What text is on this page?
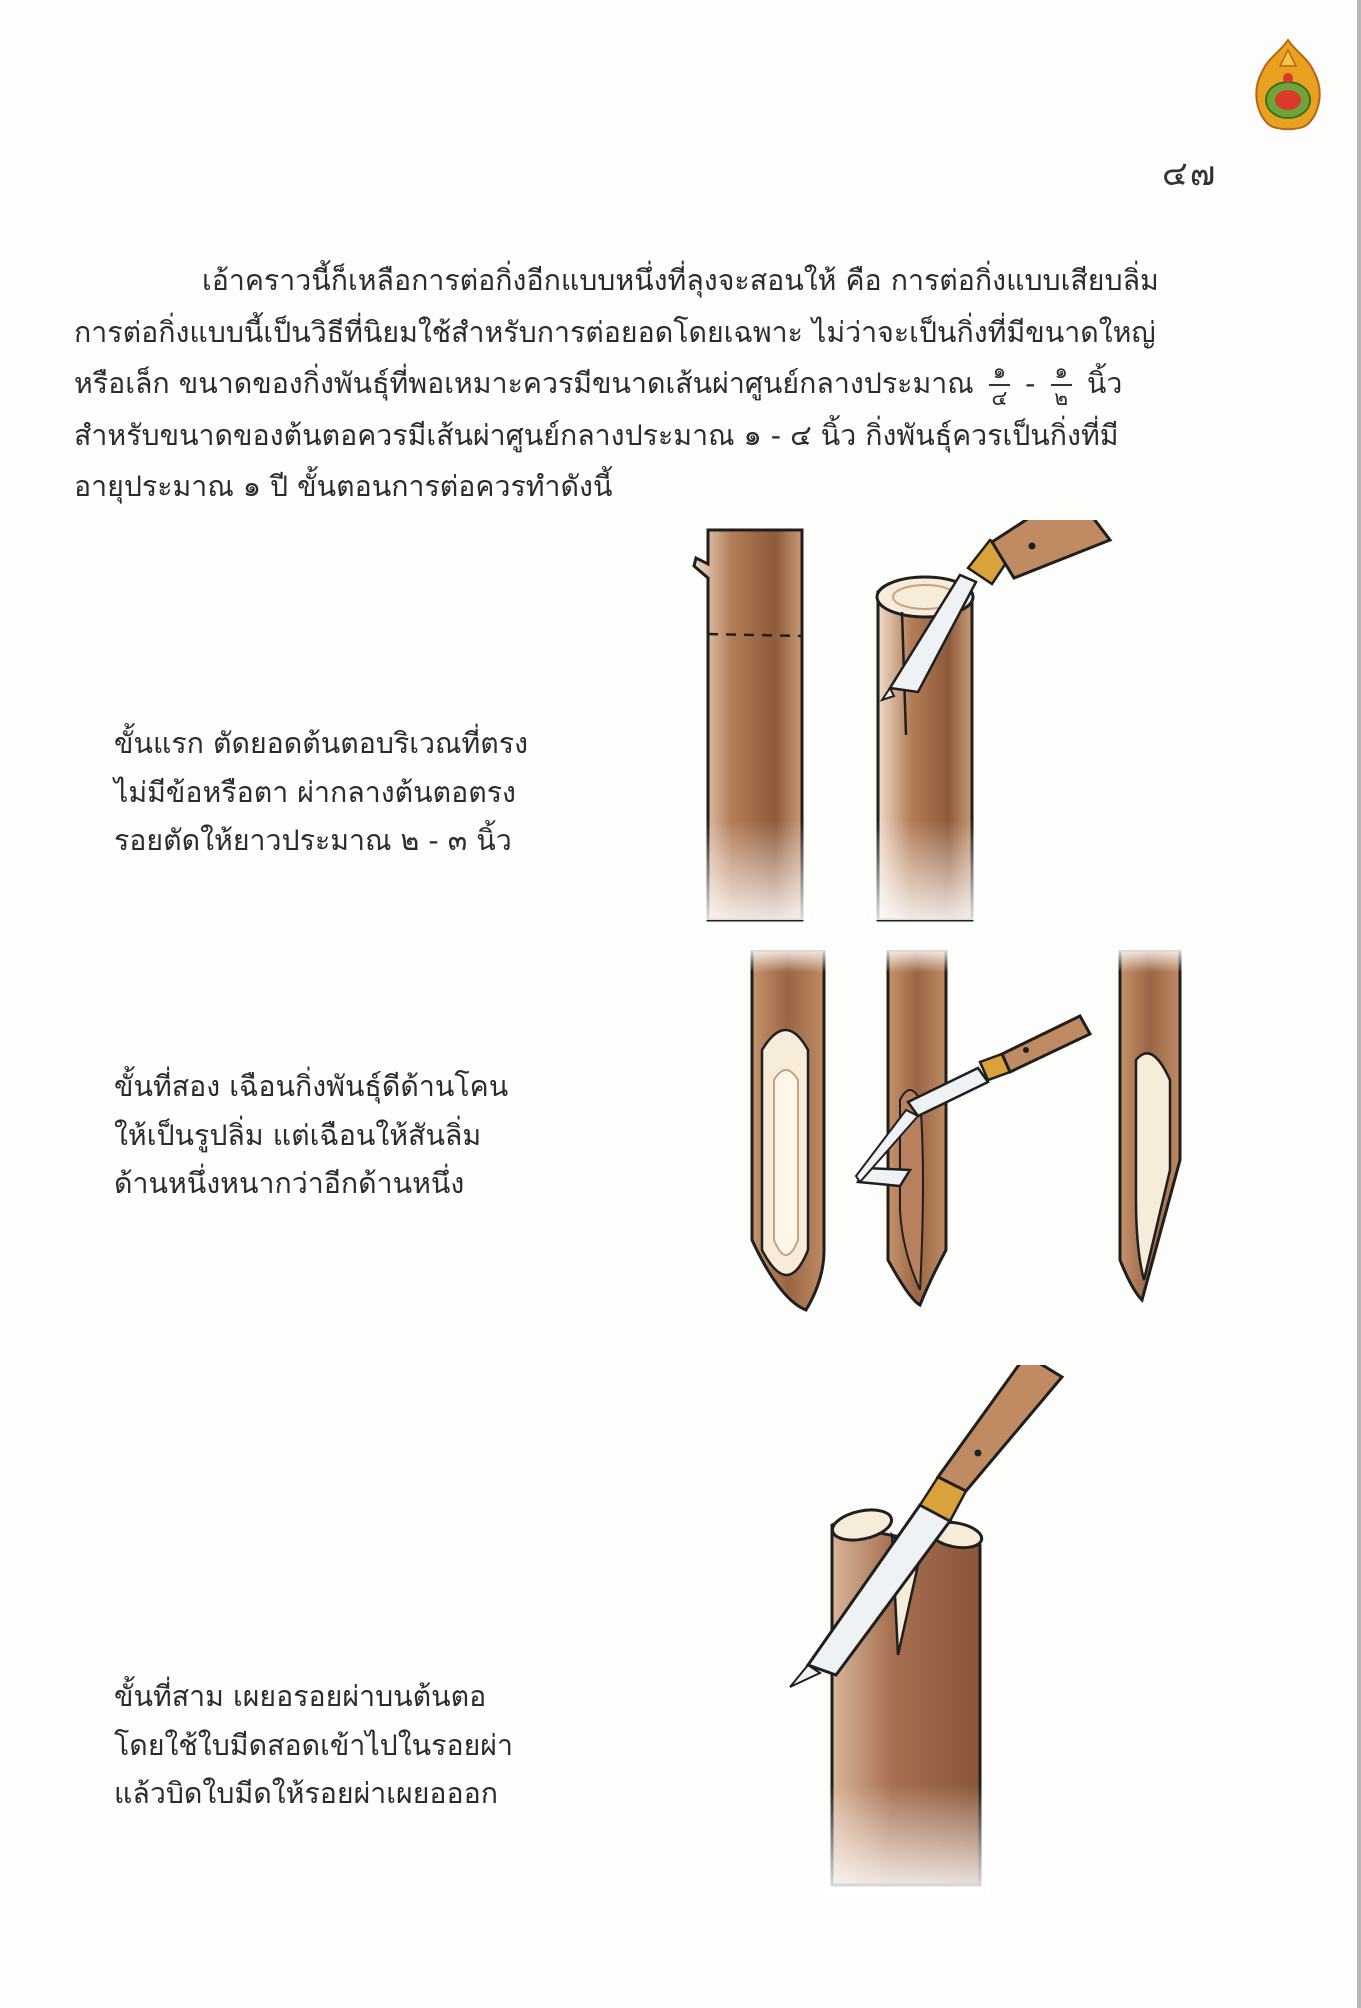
๔๗
เอ้าคราวนี้ก็เหลือการต่อกิ่งอีกแบบหนึ่งที่ลุงจะสอนให้ คือ การต่อกิ่งแบบเสียบลิ่ม
การต่อกิ่งแบบนี้เป็นวิธีที่นิยมใช้สำหรับการต่อยอดโดยเฉพาะ ไม่ว่าจะเป็นกิ่งที่มีขนาดใหญ่
หรือเล็ก ขนาดของกิ่งพันธุ์ที่พอเหมาะควรมีขนาดเส้นผ่าศูนย์กลางประมาณ $\frac{๑}{๔} - \frac{๑}{๒}$ นิ้ว
สำหรับขนาดของต้นตอควรมีเส้นผ่าศูนย์กลางประมาณ ๑ - ๔ นิ้ว กิ่งพันธุ์ควรเป็นกิ่งที่มี
อายุประมาณ ๑ ปี ขั้นตอนการต่อควรทำดังนี้
ขั้นแรก ตัดยอดต้นตอบริเวณที่ตรง
ไม่มีข้อหรือตา ผ่ากลางต้นตอตรง
รอยตัดให้ยาวประมาณ ๒ - ๓ นิ้ว
ขั้นที่สอง เฉือนกิ่งพันธุ์ดีด้านโคน
ให้เป็นรูปลิ่ม แต่เฉือนให้สันลิ่ม
ด้านหนึ่งหนากว่าอีกด้านหนึ่ง
ขั้นที่สาม เผยอรอยผ่าบนต้นตอ
โดยใช้ใบมีดสอดเข้าไปในรอยผ่า
แล้วบิดใบมีดให้รอยผ่าเผยอออก
